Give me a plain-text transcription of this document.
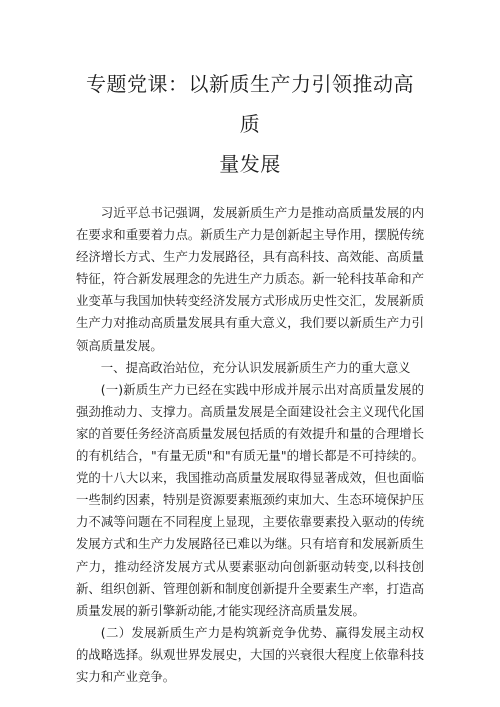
专题党课：以新质生产力引领推动高质
量发展

习近平总书记强调，发展新质生产力是推动高质量发展的内在要求和重要着力点。新质生产力是创新起主导作用，摆脱传统经济增长方式、生产力发展路径，具有高科技、高效能、高质量特征，符合新发展理念的先进生产力质态。新一轮科技革命和产业变革与我国加快转变经济发展方式形成历史性交汇，发展新质生产力对推动高质量发展具有重大意义，我们要以新质生产力引领高质量发展。

一、提高政治站位，充分认识发展新质生产力的重大意义

(一)新质生产力已经在实践中形成并展示出对高质量发展的强劲推动力、支撑力。高质量发展是全面建设社会主义现代化国家的首要任务经济高质量发展包括质的有效提升和量的合理增长的有机结合，"有量无质"和"有质无量"的增长都是不可持续的。党的十八大以来，我国推动高质量发展取得显著成效，但也面临一些制约因素，特别是资源要素瓶颈约束加大、生态环境保护压力不减等问题在不同程度上显现，主要依靠要素投入驱动的传统发展方式和生产力发展路径已难以为继。只有培育和发展新质生产力，推动经济发展方式从要素驱动向创新驱动转变,以科技创新、组织创新、管理创新和制度创新提升全要素生产率，打造高质量发展的新引擎新动能,才能实现经济高质量发展。

(二）发展新质生产力是构筑新竞争优势、赢得发展主动权的战略选择。纵观世界发展史，大国的兴衰很大程度上依靠科技实力和产业竞争。
